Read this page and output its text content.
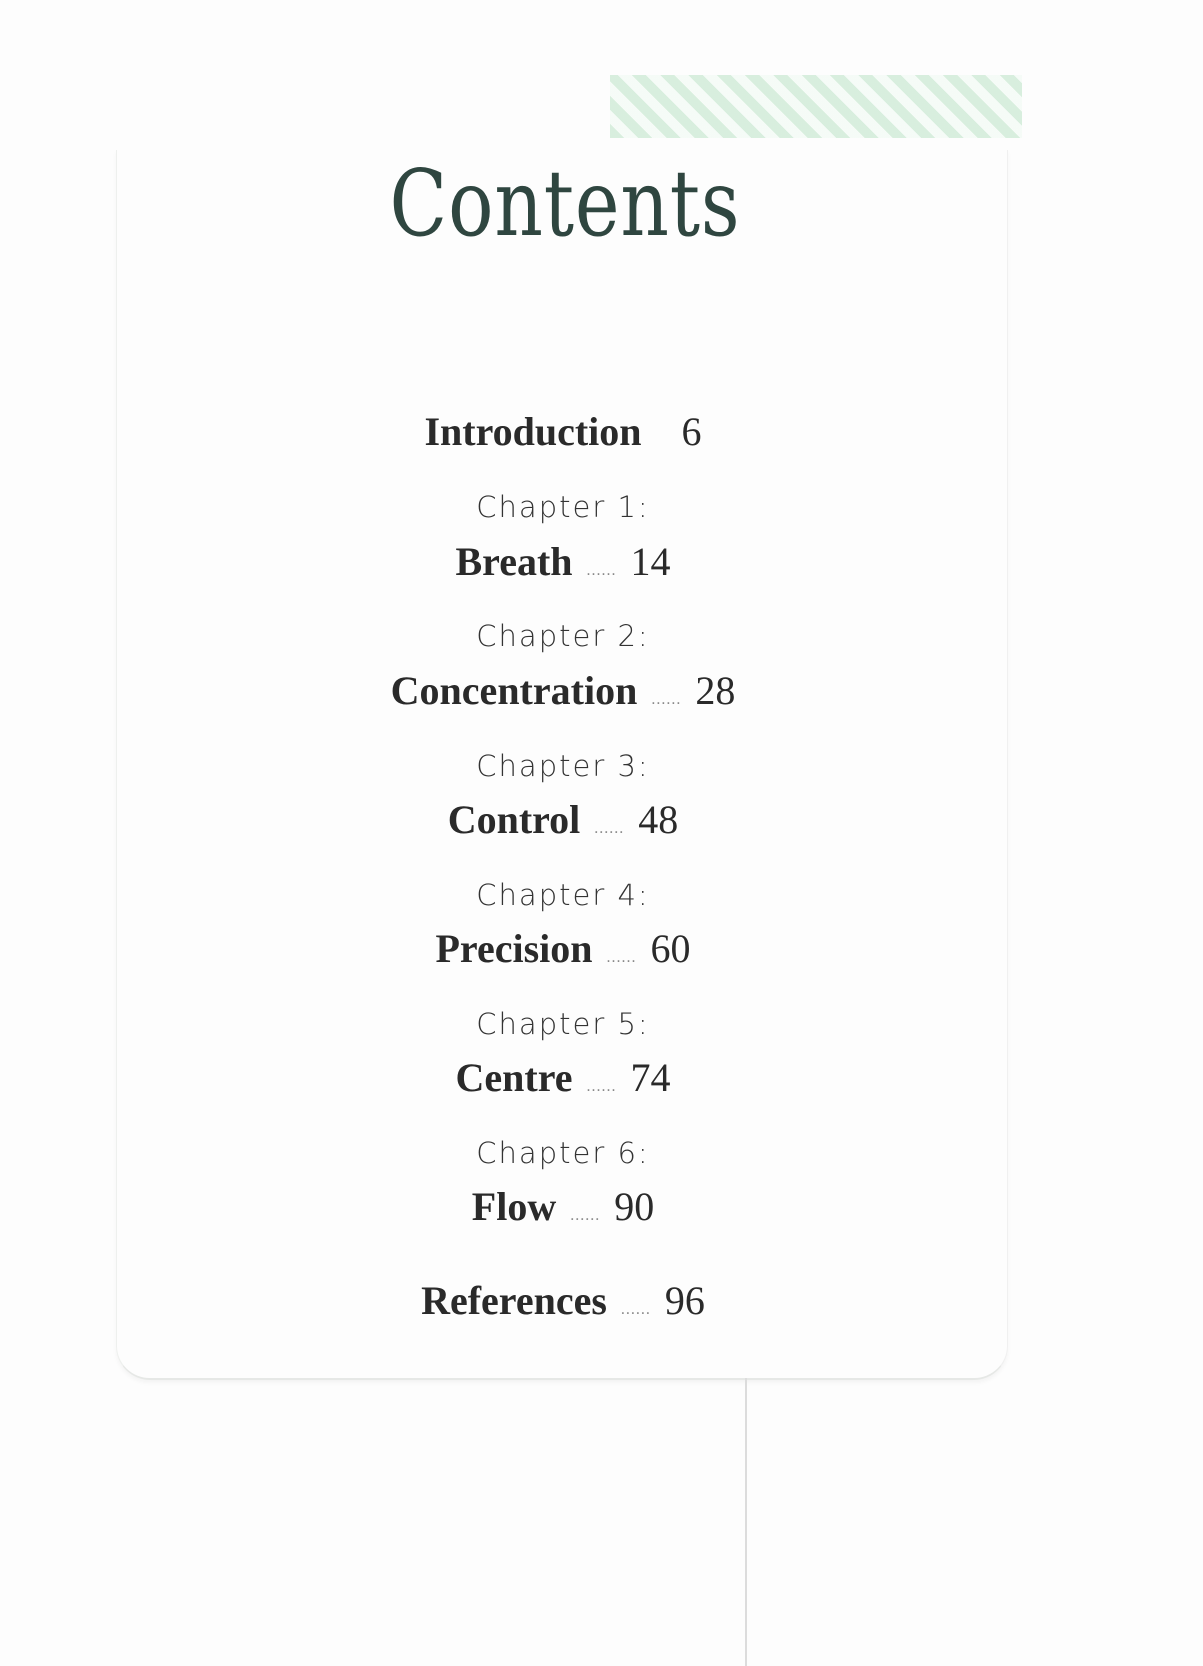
Contents
Introduction 6
Chapter 1:
Breath ...... 14
Chapter 2:
Concentration ...... 28
Chapter 3:
Control ...... 48
Chapter 4:
Precision ...... 60
Chapter 5:
Centre ...... 74
Chapter 6:
Flow ...... 90
References ...... 96
